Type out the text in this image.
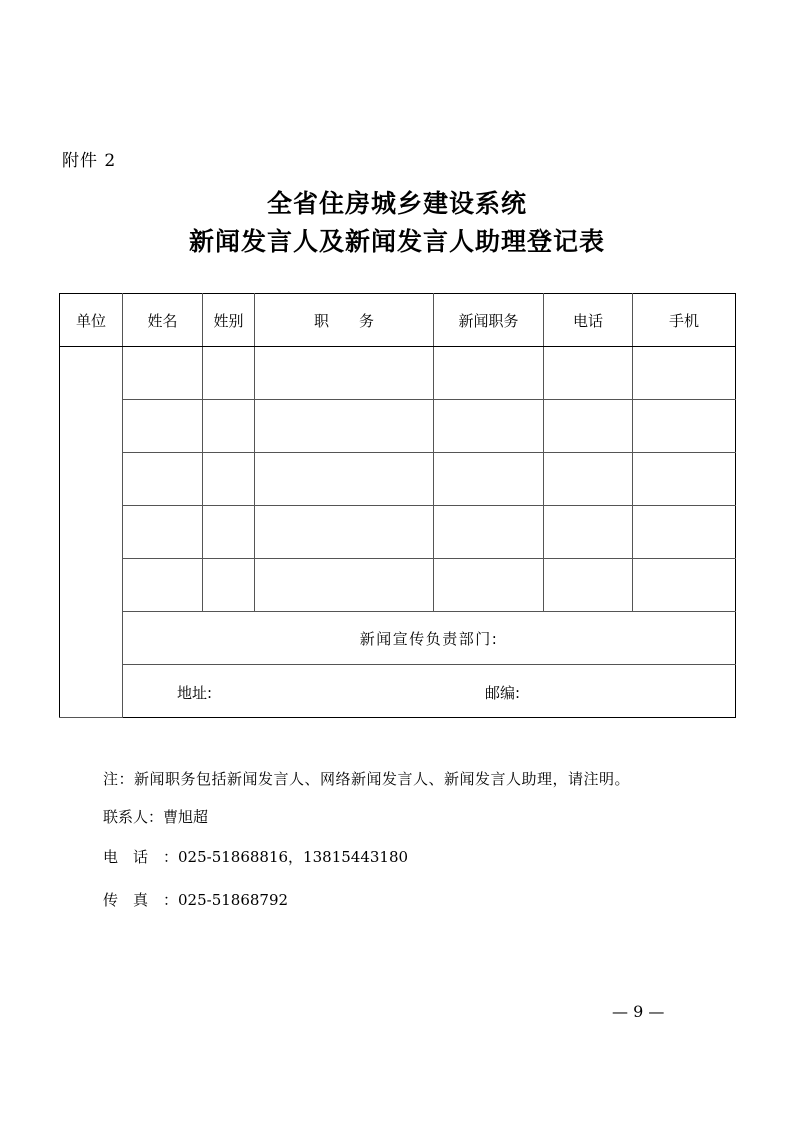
附件 2
全省住房城乡建设系统
新闻发言人及新闻发言人助理登记表
单位	姓名	姓别	职　　务	新闻职务	电话	手机

	新闻宣传负责部门:					

	地址: 邮编:					
注：新闻职务包括新闻发言人、网络新闻发言人、新闻发言人助理，请注明。
联系人：曹旭超
电话：025-51868816，13815443180
传真：025-51868792
— 9 —
